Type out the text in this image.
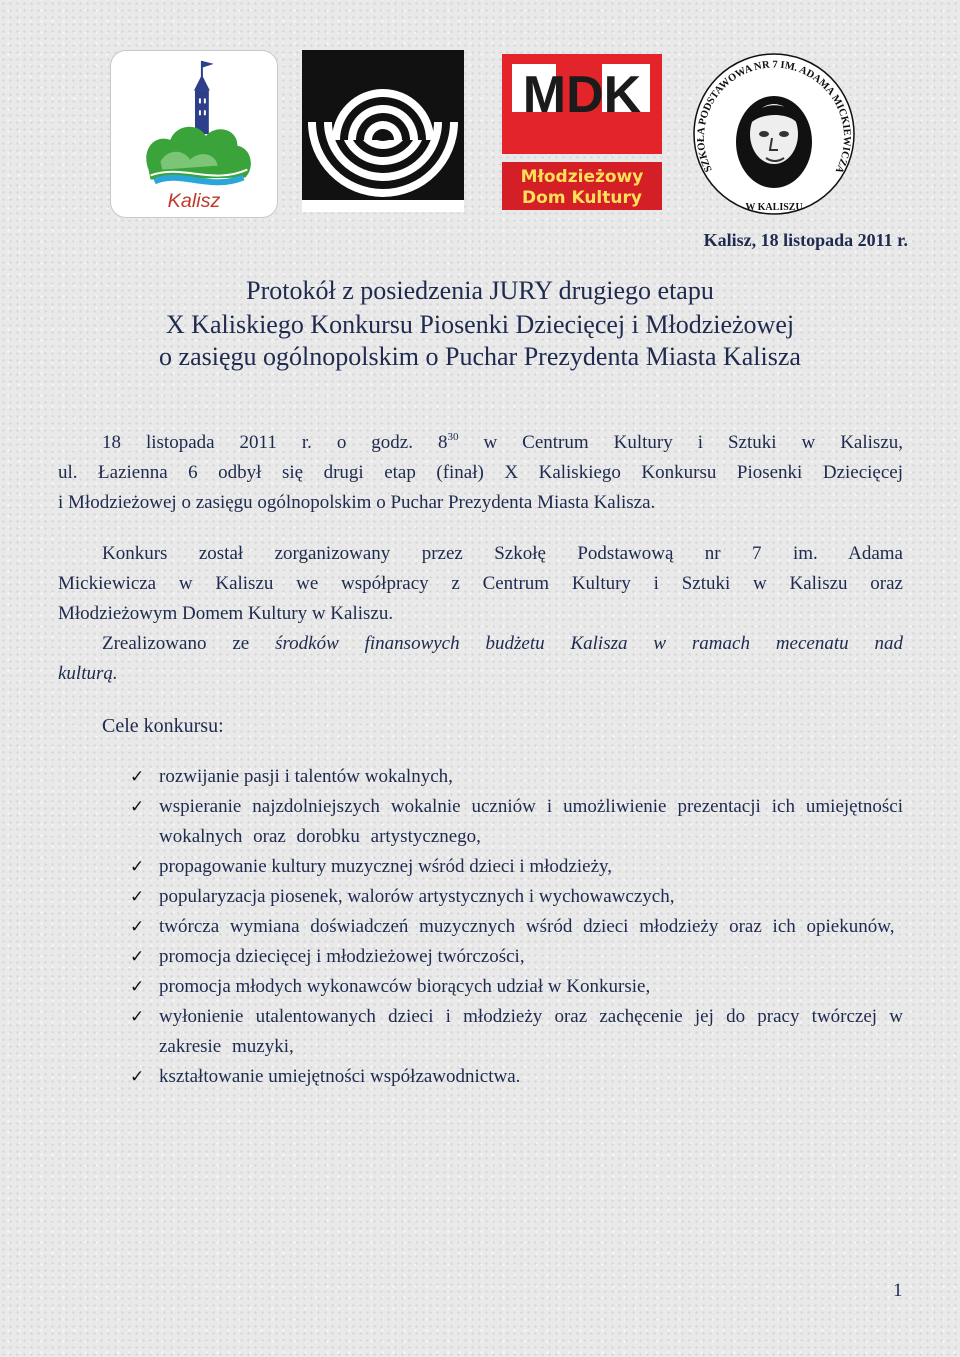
Kalisz
MDK
Młodzieżowy
Dom Kultury
SZKOŁA PODSTAWOWA NR 7 IM. ADAMA MICKIEWICZA
W KALISZU

Kalisz, 18 listopada 2011 r.

Protokół z posiedzenia JURY drugiego etapu
X Kaliskiego Konkursu Piosenki Dziecięcej i Młodzieżowej
o zasięgu ogólnopolskim o Puchar Prezydenta Miasta Kalisza
18 listopada 2011 r. o godz. $8^{30}$ w Centrum Kultury i Sztuki w Kaliszu,
ul. Łazienna 6 odbył się drugi etap (finał) X Kaliskiego Konkursu Piosenki Dziecięcej
i Młodzieżowej o zasięgu ogólnopolskim o Puchar Prezydenta Miasta Kalisza.
Konkurs został zorganizowany przez Szkołę Podstawową nr 7 im. Adama
Mickiewicza w Kaliszu we współpracy z Centrum Kultury i Sztuki w Kaliszu oraz
Młodzieżowym Domem Kultury w Kaliszu.
Zrealizowano ze środków finansowych budżetu Kalisza w ramach mecenatu nad
kulturą.
Cele konkursu:
✓ rozwijanie pasji i talentów wokalnych,
✓ wspieranie najzdolniejszych wokalnie uczniów i umożliwienie prezentacji ich umiejętności wokalnych oraz dorobku artystycznego,
✓ propagowanie kultury muzycznej wśród dzieci i młodzieży,
✓ popularyzacja piosenek, walorów artystycznych i wychowawczych,
✓ twórcza wymiana doświadczeń muzycznych wśród dzieci młodzieży oraz ich opiekunów,
✓ promocja dziecięcej i młodzieżowej twórczości,
✓ promocja młodych wykonawców biorących udział w Konkursie,
✓ wyłonienie utalentowanych dzieci i młodzieży oraz zachęcenie jej do pracy twórczej w zakresie muzyki,
✓ kształtowanie umiejętności współzawodnictwa.
1
